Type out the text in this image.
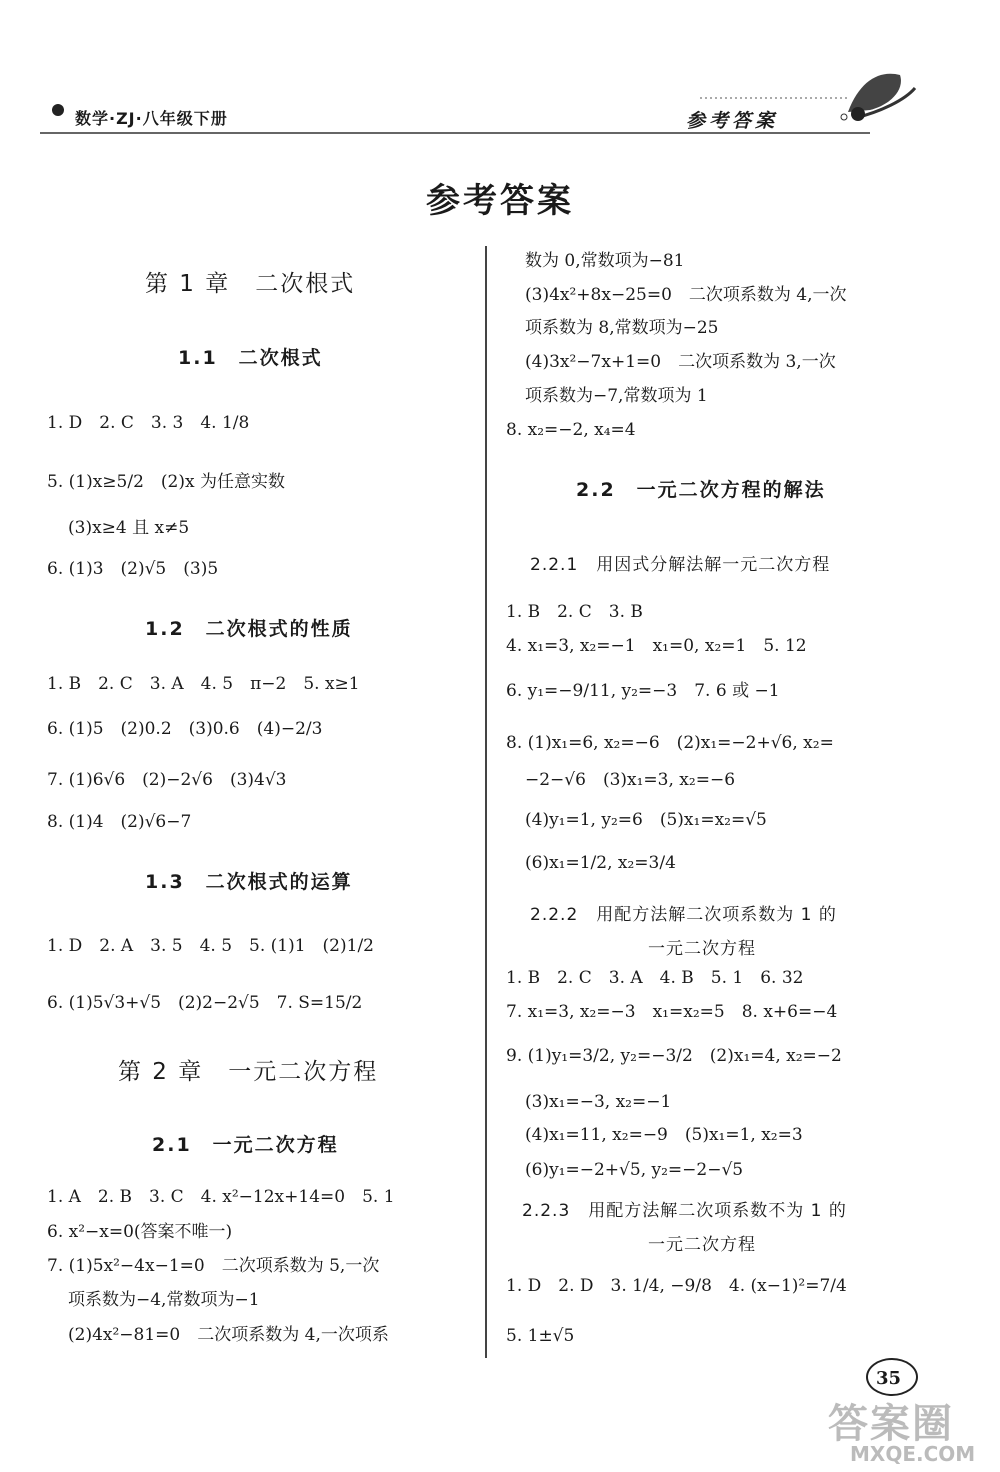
数学·ZJ·八年级下册	参考答案
参考答案
第 1 章　二次根式
1.1　二次根式
1. D　2. C　3. 3　4. 1/8
5. (1)x≥5/2　(2)x 为任意实数
(3)x≥4 且 x≠5
6. (1)3　(2)√5　(3)5
1.2　二次根式的性质
1. B　2. C　3. A　4. 5　π−2　5. x≥1
6. (1)5　(2)0.2　(3)0.6　(4)−2/3
7. (1)6√6　(2)−2√6　(3)4√3
8. (1)4　(2)√6−7
1.3　二次根式的运算
1. D　2. A　3. 5　4. 5　5. (1)1　(2)1/2
6. (1)5√3+√5　(2)2−2√5　7. S=15/2
第 2 章　一元二次方程
2.1　一元二次方程
1. A　2. B　3. C　4. x²−12x+14=0　5. 1
6. x²−x=0(答案不唯一)
7. (1)5x²−4x−1=0　二次项系数为 5,一次
项系数为−4,常数项为−1
(2)4x²−81=0　二次项系数为 4,一次项系
数为 0,常数项为−81
(3)4x²+8x−25=0　二次项系数为 4,一次
项系数为 8,常数项为−25
(4)3x²−7x+1=0　二次项系数为 3,一次
项系数为−7,常数项为 1
8. x₂=−2, x₄=4
2.2　一元二次方程的解法
2.2.1　用因式分解法解一元二次方程
1. B　2. C　3. B
4. x₁=3, x₂=−1　x₁=0, x₂=1　5. 12
6. y₁=−9/11, y₂=−3　7. 6 或 −1
8. (1)x₁=6, x₂=−6　(2)x₁=−2+√6, x₂=
−2−√6　(3)x₁=3, x₂=−6
(4)y₁=1, y₂=6　(5)x₁=x₂=√5
(6)x₁=1/2, x₂=3/4
2.2.2　用配方法解二次项系数为 1 的
一元二次方程
1. B　2. C　3. A　4. B　5. 1　6. 32
7. x₁=3, x₂=−3　x₁=x₂=5　8. x+6=−4
9. (1)y₁=3/2, y₂=−3/2　(2)x₁=4, x₂=−2
(3)x₁=−3, x₂=−1
(4)x₁=11, x₂=−9　(5)x₁=1, x₂=3
(6)y₁=−2+√5, y₂=−2−√5
2.2.3　用配方法解二次项系数不为 1 的
一元二次方程
1. D　2. D　3. 1/4, −9/8　4. (x−1)²=7/4
5. 1±√5
35
答案圈
MXQE.COM
